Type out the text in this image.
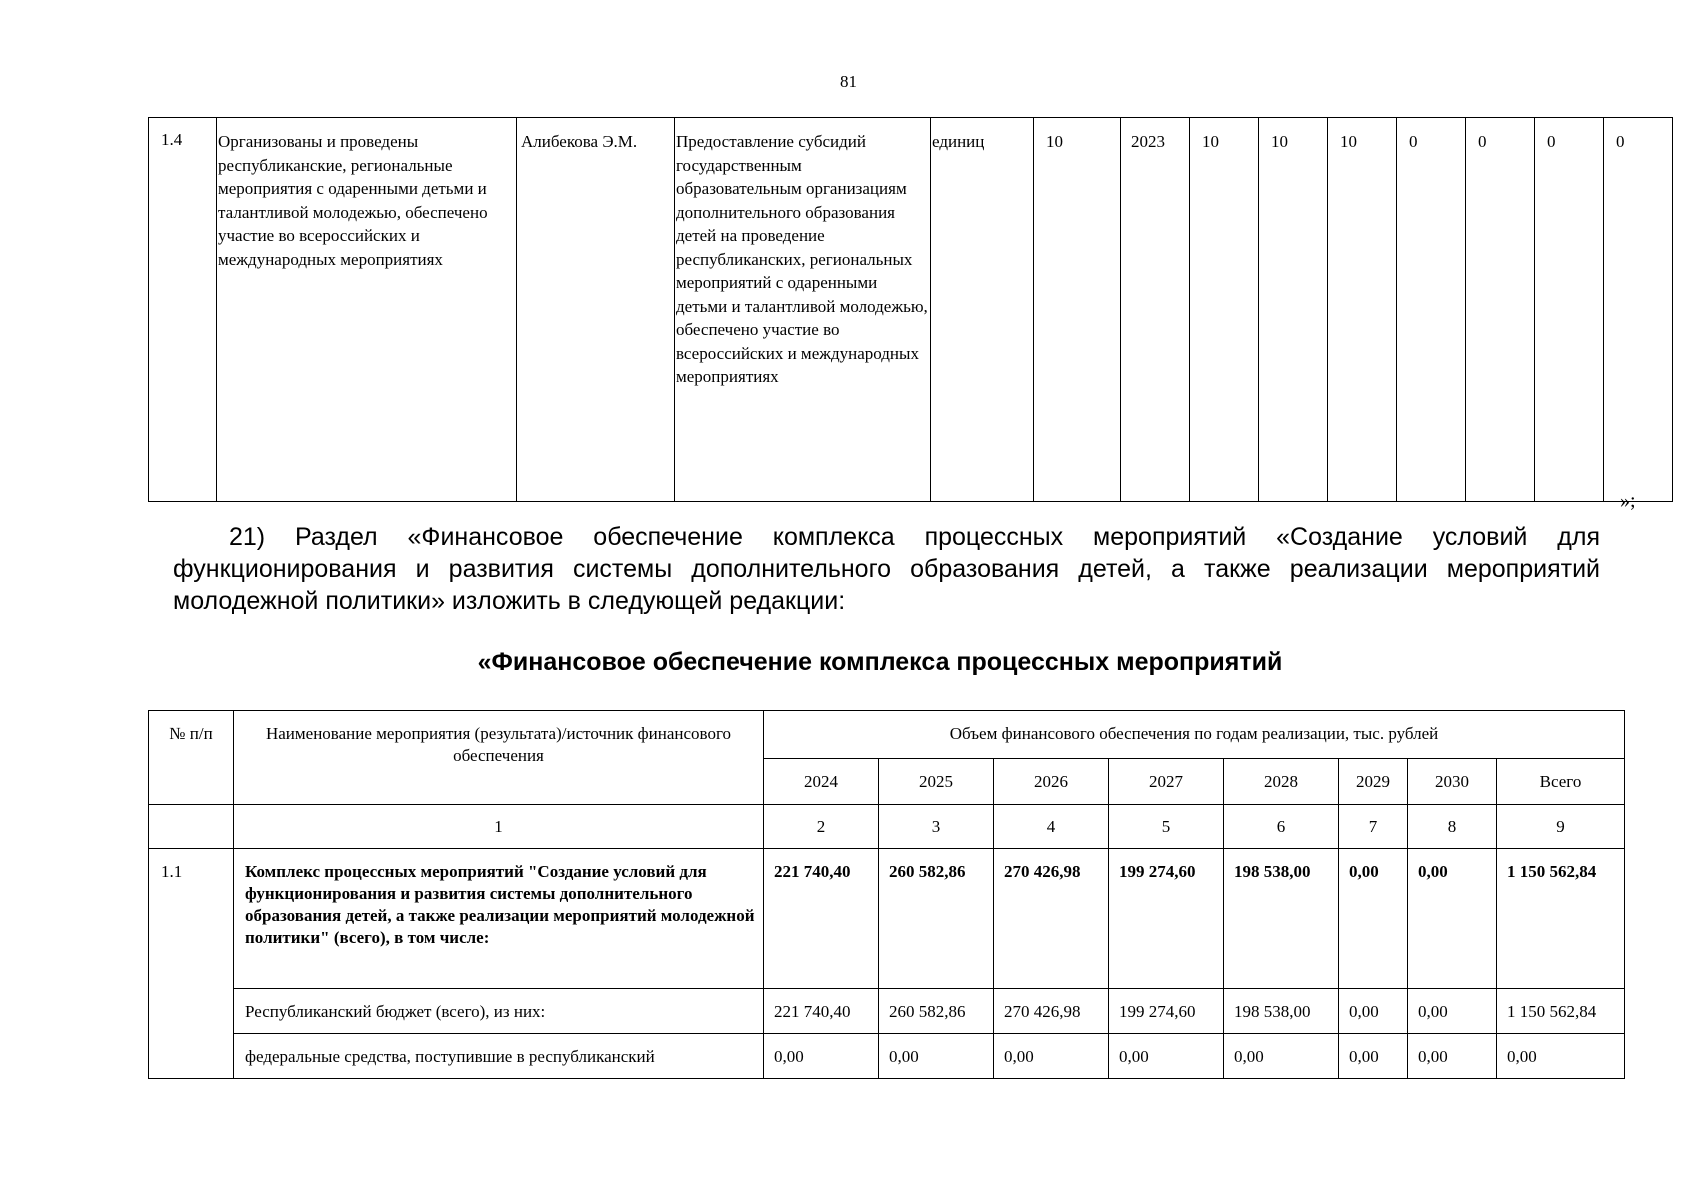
81
1.4	Организованы и проведены республиканские, региональные мероприятия с одаренными детьми и талантливой молодежью, обеспечено участие во всероссийских и международных мероприятиях	Алибекова Э.М.	Предоставление субсидий государственным образовательным организациям дополнительного образования детей на проведение республиканских, региональных мероприятий с одаренными детьми и талантливой молодежью, обеспечено участие во всероссийских и международных мероприятиях	единиц	10	2023	10	10	10	0	0	0	0
»;
21) Раздел «Финансовое обеспечение комплекса процессных мероприятий «Создание условий для функционирования и развития системы дополнительного образования детей, а также реализации мероприятий молодежной политики» изложить в следующей редакции:
«Финансовое обеспечение комплекса процессных мероприятий
№ п/п	Наименование мероприятия (результата)/источник финансового обеспечения	Объем финансового обеспечения по годам реализации, тыс. рублей							
		2024	2025	2026	2027	2028	2029	2030	Всего
	1	2	3	4	5	6	7	8	9
1.1	Комплекс процессных мероприятий "Создание условий для функционирования и развития системы дополнительного образования детей, а также реализации мероприятий молодежной политики" (всего), в том числе:	221 740,40	260 582,86	270 426,98	199 274,60	198 538,00	0,00	0,00	1 150 562,84
	Республиканский бюджет (всего), из них:	221 740,40	260 582,86	270 426,98	199 274,60	198 538,00	0,00	0,00	1 150 562,84
	федеральные средства, поступившие в республиканский	0,00	0,00	0,00	0,00	0,00	0,00	0,00	0,00
